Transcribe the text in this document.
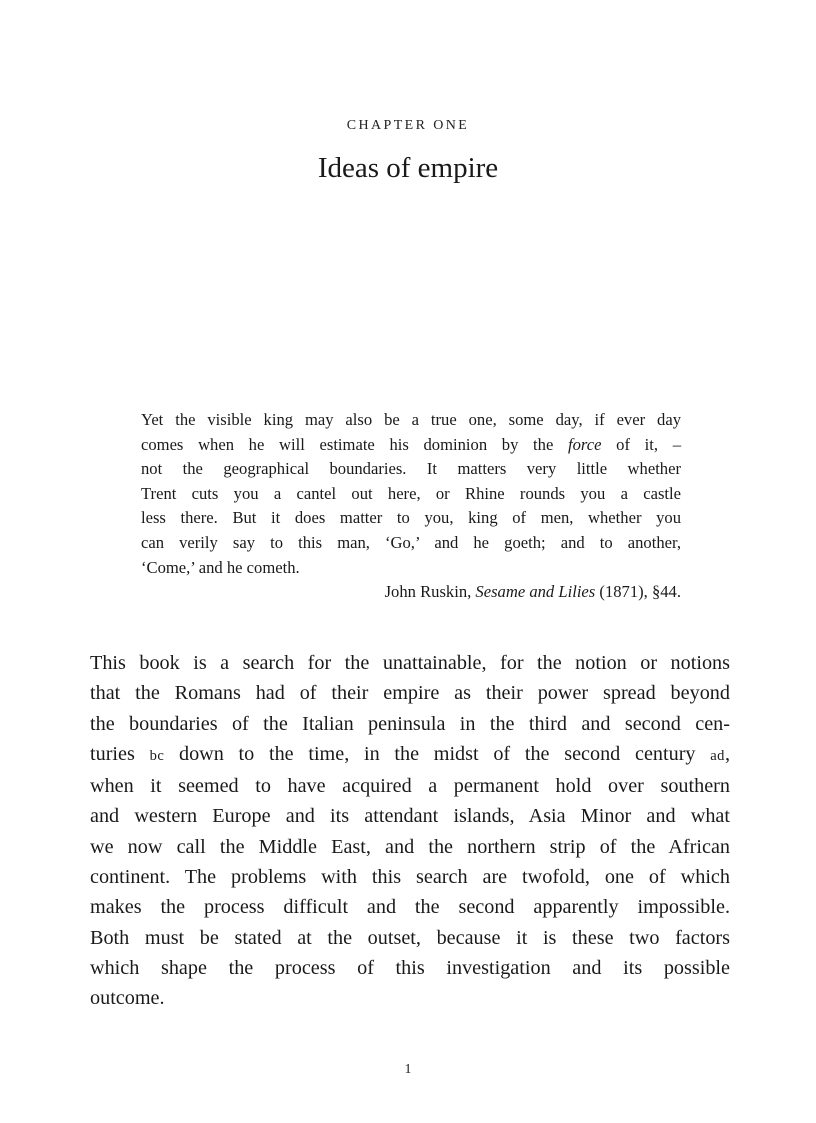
CHAPTER ONE
Ideas of empire
Yet the visible king may also be a true one, some day, if ever day
comes when he will estimate his dominion by the force of it, –
not the geographical boundaries. It matters very little whether
Trent cuts you a cantel out here, or Rhine rounds you a castle
less there. But it does matter to you, king of men, whether you
can verily say to this man, ‘Go,’ and he goeth; and to another,
‘Come,’ and he cometh.
John Ruskin, Sesame and Lilies (1871), §44.
This book is a search for the unattainable, for the notion or notions
that the Romans had of their empire as their power spread beyond
the boundaries of the Italian peninsula in the third and second cen-
turies bc down to the time, in the midst of the second century ad,
when it seemed to have acquired a permanent hold over southern
and western Europe and its attendant islands, Asia Minor and what
we now call the Middle East, and the northern strip of the African
continent. The problems with this search are twofold, one of which
makes the process difficult and the second apparently impossible.
Both must be stated at the outset, because it is these two factors
which shape the process of this investigation and its possible
outcome.
1
